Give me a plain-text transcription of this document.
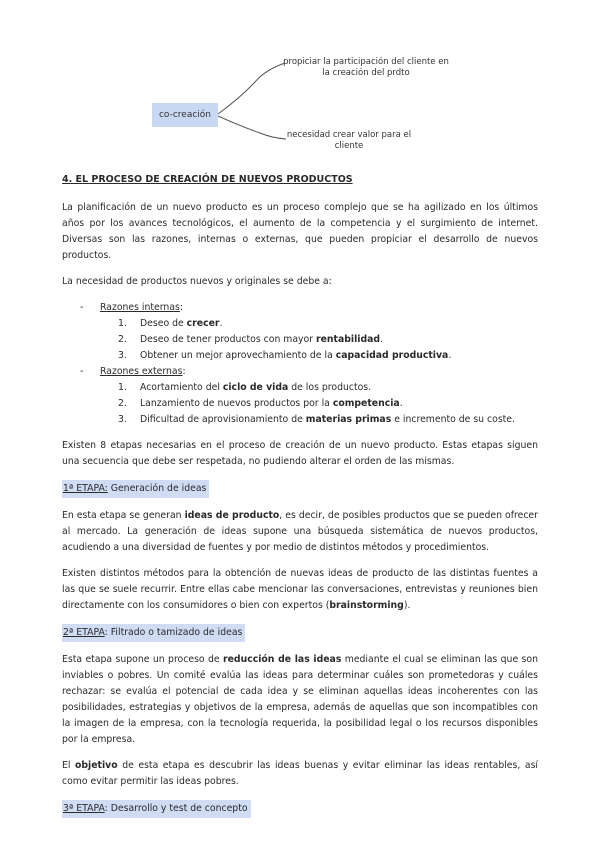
co-creación
propiciar la participación del cliente en la creación del prdto
necesidad crear valor para el cliente
4. EL PROCESO DE CREACIÓN DE NUEVOS PRODUCTOS

La planificación de un nuevo producto es un proceso complejo que se ha agilizado en los últimos años por los avances tecnológicos, el aumento de la competencia y el surgimiento de internet. Diversas son las razones, internas o externas, que pueden propiciar el desarrollo de nuevos productos.

La necesidad de productos nuevos y originales se debe a:

- Razones internas:
1. Deseo de crecer.
2. Deseo de tener productos con mayor rentabilidad.
3. Obtener un mejor aprovechamiento de la capacidad productiva.
- Razones externas:
1. Acortamiento del ciclo de vida de los productos.
2. Lanzamiento de nuevos productos por la competencia.
3. Dificultad de aprovisionamiento de materias primas e incremento de su coste.

Existen 8 etapas necesarias en el proceso de creación de un nuevo producto. Estas etapas siguen una secuencia que debe ser respetada, no pudiendo alterar el orden de las mismas.

1ª ETAPA: Generación de ideas

En esta etapa se generan ideas de producto, es decir, de posibles productos que se pueden ofrecer al mercado. La generación de ideas supone una búsqueda sistemática de nuevos productos, acudiendo a una diversidad de fuentes y por medio de distintos métodos y procedimientos.

Existen distintos métodos para la obtención de nuevas ideas de producto de las distintas fuentes a las que se suele recurrir. Entre ellas cabe mencionar las conversaciones, entrevistas y reuniones bien directamente con los consumidores o bien con expertos (brainstorming).

2ª ETAPA: Filtrado o tamizado de ideas

Esta etapa supone un proceso de reducción de las ideas mediante el cual se eliminan las que son inviables o pobres. Un comité evalúa las ideas para determinar cuáles son prometedoras y cuáles rechazar: se evalúa el potencial de cada idea y se eliminan aquellas ideas incoherentes con las posibilidades, estrategias y objetivos de la empresa, además de aquellas que son incompatibles con la imagen de la empresa, con la tecnología requerida, la posibilidad legal o los recursos disponibles por la empresa.

El objetivo de esta etapa es descubrir las ideas buenas y evitar eliminar las ideas rentables, así como evitar permitir las ideas pobres.

3ª ETAPA: Desarrollo y test de concepto
